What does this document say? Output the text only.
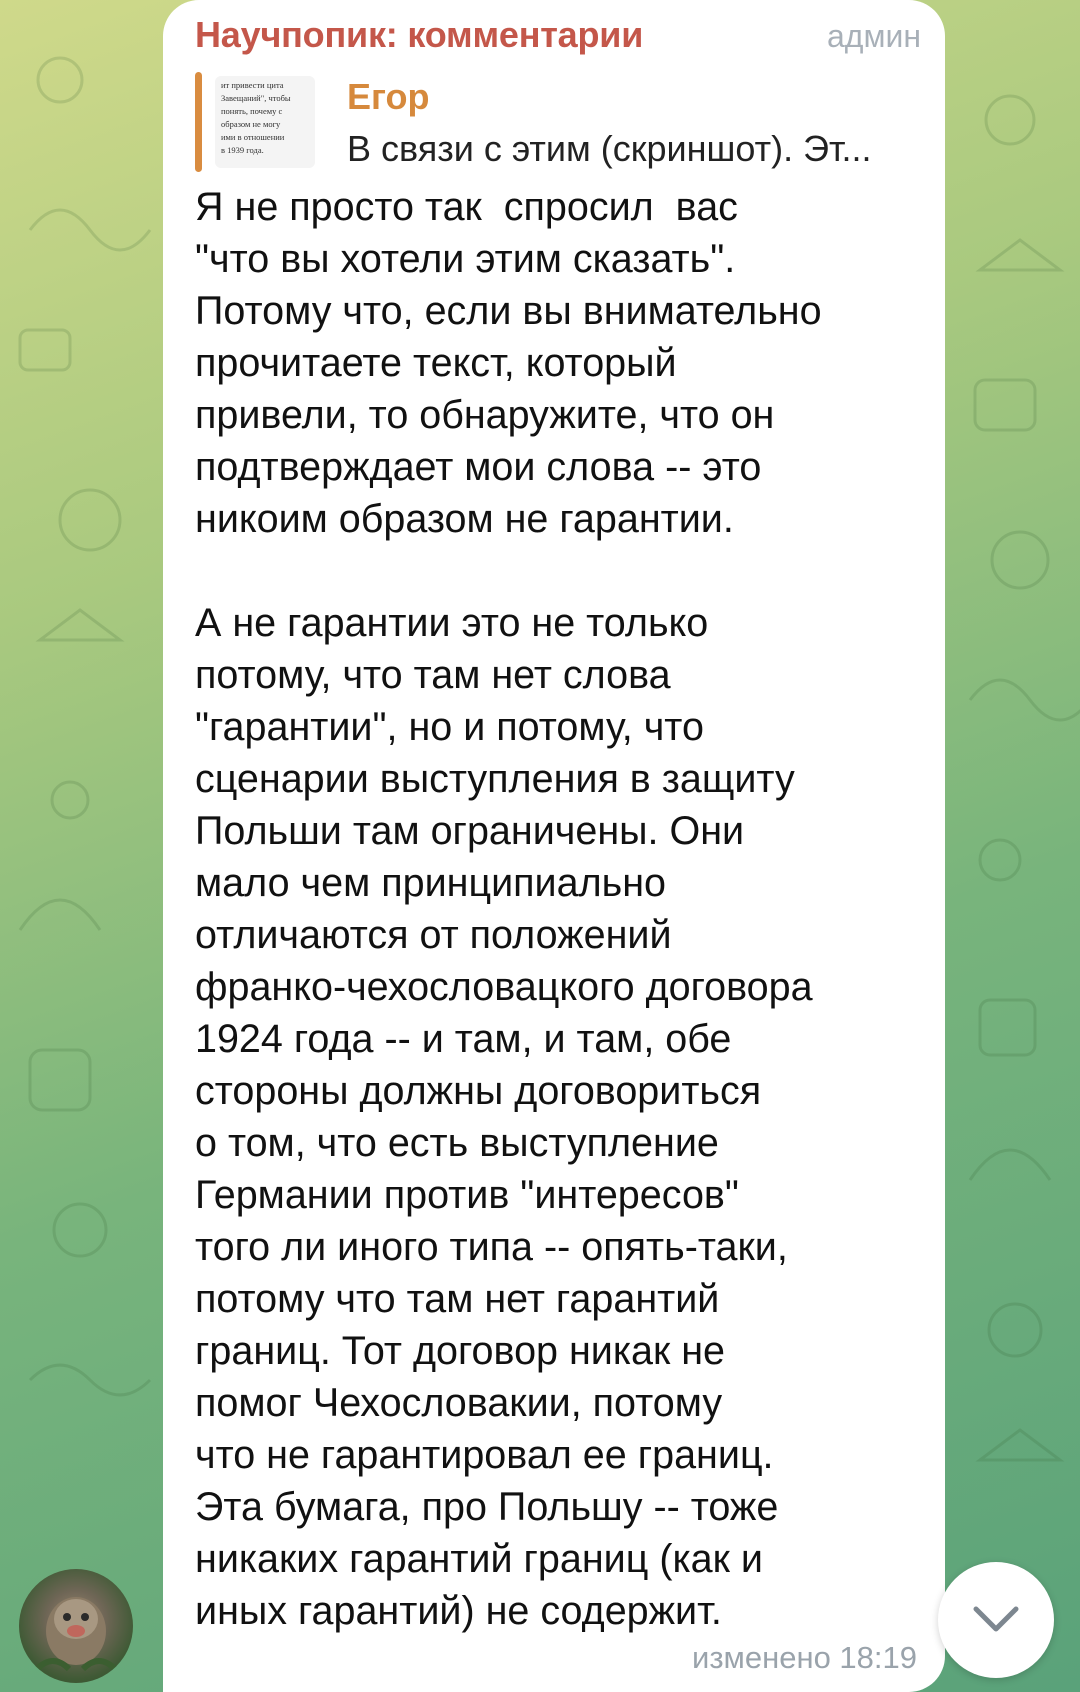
Научпопик: комментарии	админ
ит привести цита
Завещаний", чтобы
понять, почему с
образом не могу
ими в отношении
в 1939 года.
Егор
В связи с этим (скриншот). Эт...

Я не просто так  спросил  вас
"что вы хотели этим сказать".
Потому что, если вы внимательно
прочитаете текст, который
привели, то обнаружите, что он
подтверждает мои слова -- это
никоим образом не гарантии.

А не гарантии это не только
потому, что там нет слова
"гарантии", но и потому, что
сценарии выступления в защиту
Польши там ограничены. Они
мало чем принципиально
отличаются от положений
франко-чехословацкого договора
1924 года -- и там, и там, обе
стороны должны договориться
о том, что есть выступление
Германии против "интересов"
того ли иного типа -- опять-таки,
потому что там нет гарантий
границ. Тот договор никак не
помог Чехословакии, потому
что не гарантировал ее границ.
Эта бумага, про Польшу -- тоже
никаких гарантий границ (как и
иных гарантий) не содержит.

изменено 18:19
